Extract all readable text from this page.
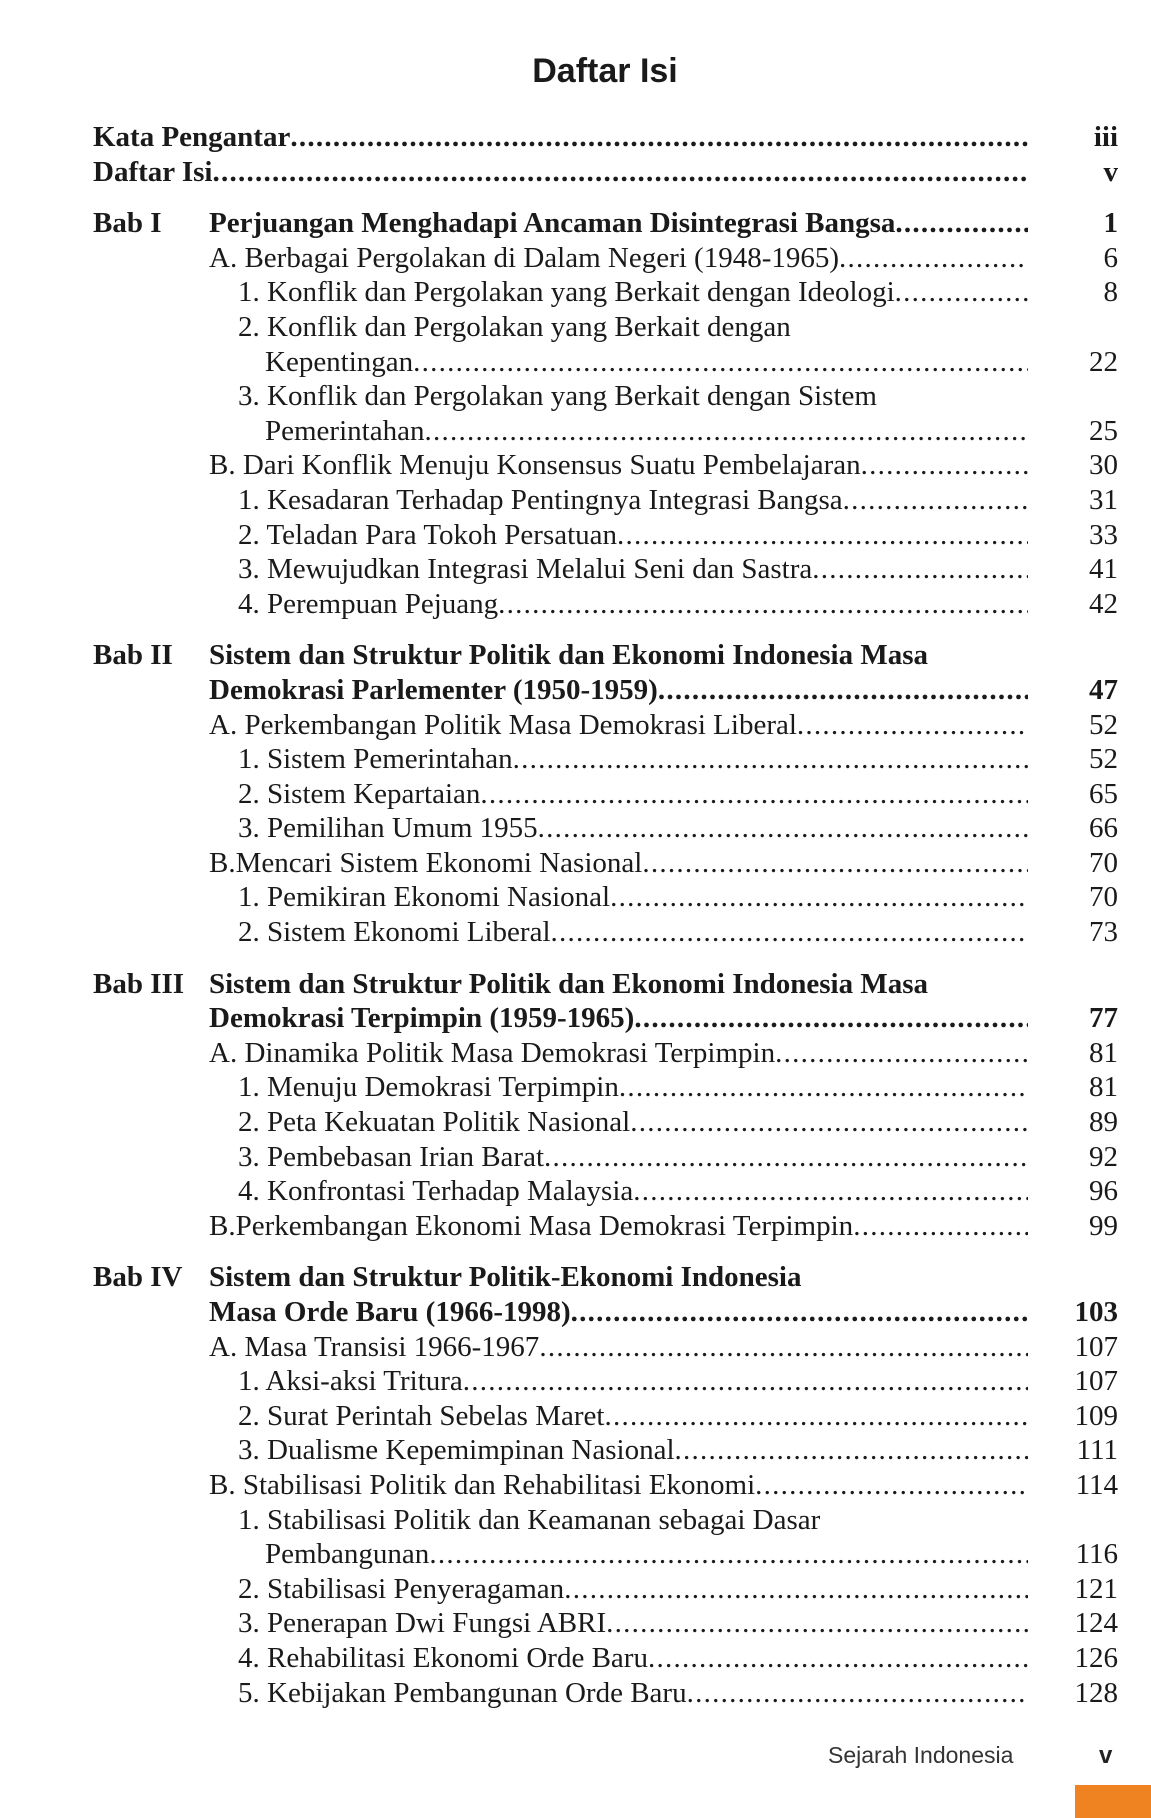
Daftar Isi
Kata Pengantar . . .	iii
Daftar Isi . . .	v
Bab I Perjuangan Menghadapi Ancaman Disintegrasi Bangsa . . .	1
A. Berbagai Pergolakan di Dalam Negeri (1948-1965) . . .	6
1. Konflik dan Pergolakan yang Berkait dengan Ideologi . . .	8
2. Konflik dan Pergolakan yang Berkait dengan
Kepentingan . . .	22
3. Konflik dan Pergolakan yang Berkait dengan Sistem
Pemerintahan . . .	25
B. Dari Konflik Menuju Konsensus Suatu Pembelajaran . . .	30
1. Kesadaran Terhadap Pentingnya Integrasi Bangsa . . .	31
2. Teladan Para Tokoh Persatuan . . .	33
3. Mewujudkan Integrasi Melalui Seni dan Sastra . . .	41
4. Perempuan Pejuang . . .	42
Bab II Sistem dan Struktur Politik dan Ekonomi Indonesia Masa
Demokrasi Parlementer (1950-1959) . . .	47
A. Perkembangan Politik Masa Demokrasi Liberal . . .	52
1. Sistem Pemerintahan . . .	52
2. Sistem Kepartaian . . .	65
3. Pemilihan Umum 1955 . . .	66
B.Mencari Sistem Ekonomi Nasional . . .	70
1. Pemikiran Ekonomi Nasional . . .	70
2. Sistem Ekonomi Liberal . . .	73
Bab III Sistem dan Struktur Politik dan Ekonomi Indonesia Masa
Demokrasi Terpimpin (1959-1965) . . .	77
A. Dinamika Politik Masa Demokrasi Terpimpin . . .	81
1. Menuju Demokrasi Terpimpin . . .	81
2. Peta Kekuatan Politik Nasional . . .	89
3. Pembebasan Irian Barat . . .	92
4. Konfrontasi Terhadap Malaysia . . .	96
B.Perkembangan Ekonomi Masa Demokrasi Terpimpin . . .	99
Bab IV Sistem dan Struktur Politik-Ekonomi Indonesia
Masa Orde Baru (1966-1998) . . .	103
A. Masa Transisi 1966-1967 . . .	107
1. Aksi-aksi Tritura . . .	107
2. Surat Perintah Sebelas Maret . . .	109
3. Dualisme Kepemimpinan Nasional . . .	111
B. Stabilisasi Politik dan Rehabilitasi Ekonomi . . .	114
1. Stabilisasi Politik dan Keamanan sebagai Dasar
Pembangunan . . .	116
2. Stabilisasi Penyeragaman . . .	121
3. Penerapan Dwi Fungsi ABRI . . .	124
4. Rehabilitasi Ekonomi Orde Baru . . .	126
5. Kebijakan Pembangunan Orde Baru . . .	128
Sejarah Indonesia	v
